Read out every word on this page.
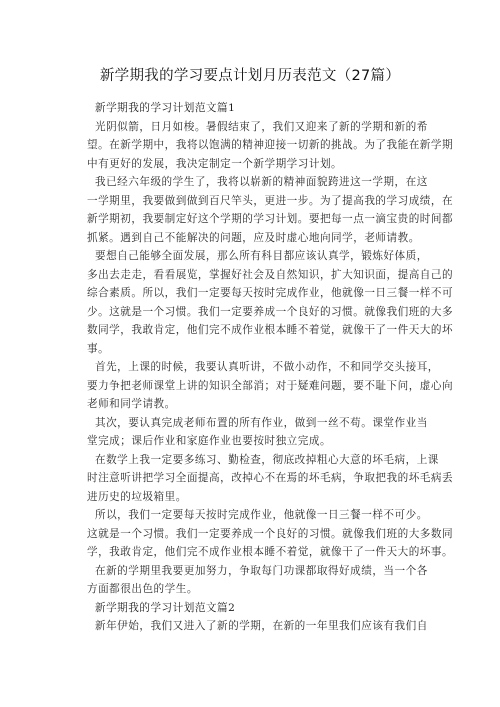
新学期我的学习要点计划月历表范文（27篇）
新学期我的学习计划范文篇1
光阴似箭，日月如梭。暑假结束了，我们又迎来了新的学期和新的希
望。在新学期中，我将以饱满的精神迎接一切新的挑战。为了我能在新学期
中有更好的发展，我决定制定一个新学期学习计划。
我已经六年级的学生了，我将以崭新的精神面貌跨进这一学期，在这
一学期里，我要做到做到百尺竿头，更进一步。为了提高我的学习成绩，在
新学期初，我要制定好这个学期的学习计划。要把每一点一滴宝贵的时间都
抓紧。遇到自己不能解决的问题，应及时虚心地向同学，老师请教。
要想自己能够全面发展，那么所有科目都应该认真学，锻炼好体质，
多出去走走，看看展览，掌握好社会及自然知识，扩大知识面，提高自己的
综合素质。所以，我们一定要每天按时完成作业，他就像一日三餐一样不可
少。这就是一个习惯。我们一定要养成一个良好的习惯。就像我们班的大多
数同学，我敢肯定，他们完不成作业根本睡不着觉，就像干了一件天大的坏
事。
首先，上课的时候，我要认真听讲，不做小动作，不和同学交头接耳，
要力争把老师课堂上讲的知识全部消；对于疑难问题，要不耻下问，虚心向
老师和同学请教。
其次，要认真完成老师布置的所有作业，做到一丝不苟。课堂作业当
堂完成；课后作业和家庭作业也要按时独立完成。
在数学上我一定要多练习、勤检查，彻底改掉粗心大意的坏毛病，上课
时注意听讲把学习全面提高，改掉心不在焉的坏毛病，争取把我的坏毛病丢
进历史的垃圾箱里。
所以，我们一定要每天按时完成作业，他就像一日三餐一样不可少。
这就是一个习惯。我们一定要养成一个良好的习惯。就像我们班的大多数同
学，我敢肯定，他们完不成作业根本睡不着觉，就像干了一件天大的坏事。
在新的学期里我要更加努力，争取每门功课都取得好成绩，当一个各
方面都很出色的学生。
新学期我的学习计划范文篇2
新年伊始，我们又进入了新的学期，在新的一年里我们应该有我们自
